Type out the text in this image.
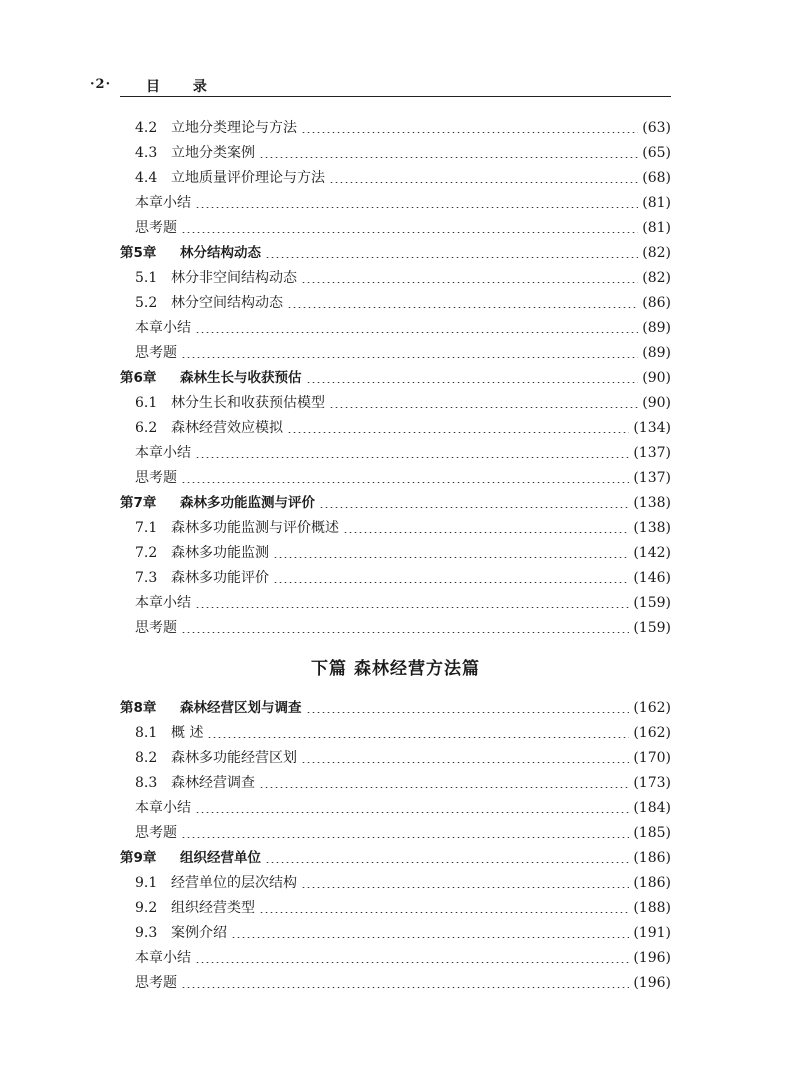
·2· 目 录
4.2 立地分类理论与方法	(63)
4.3 立地分类案例	(65)
4.4 立地质量评价理论与方法	(68)
本章小结	(81)
思考题	(81)
第5章 林分结构动态	(82)
5.1 林分非空间结构动态	(82)
5.2 林分空间结构动态	(86)
本章小结	(89)
思考题	(89)
第6章 森林生长与收获预估	(90)
6.1 林分生长和收获预估模型	(90)
6.2 森林经营效应模拟	(134)
本章小结	(137)
思考题	(137)
第7章 森林多功能监测与评价	(138)
7.1 森林多功能监测与评价概述	(138)
7.2 森林多功能监测	(142)
7.3 森林多功能评价	(146)
本章小结	(159)
思考题	(159)
下篇 森林经营方法篇
第8章 森林经营区划与调查	(162)
8.1 概 述	(162)
8.2 森林多功能经营区划	(170)
8.3 森林经营调查	(173)
本章小结	(184)
思考题	(185)
第9章 组织经营单位	(186)
9.1 经营单位的层次结构	(186)
9.2 组织经营类型	(188)
9.3 案例介绍	(191)
本章小结	(196)
思考题	(196)
